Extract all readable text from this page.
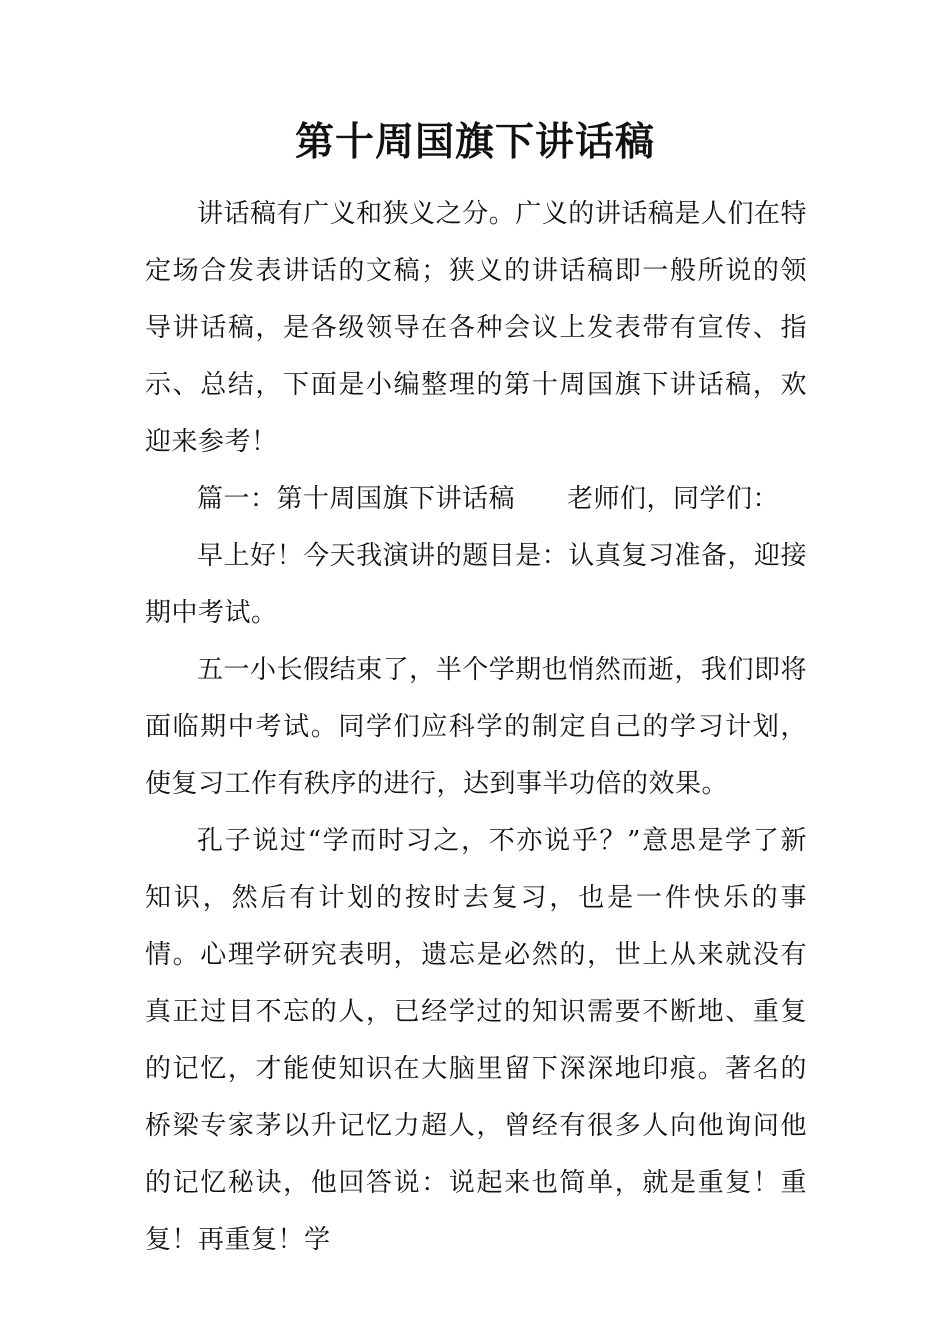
第十周国旗下讲话稿

讲话稿有广义和狭义之分。广义的讲话稿是人们在特定场合发表讲话的文稿；狭义的讲话稿即一般所说的领导讲话稿，是各级领导在各种会议上发表带有宣传、指示、总结，下面是小编整理的第十周国旗下讲话稿，欢迎来参考！

篇一：第十周国旗下讲话稿 老师们，同学们：

早上好！今天我演讲的题目是：认真复习准备，迎接期中考试。

五一小长假结束了，半个学期也悄然而逝，我们即将面临期中考试。同学们应科学的制定自己的学习计划，使复习工作有秩序的进行，达到事半功倍的效果。

孔子说过“学而时习之，不亦说乎？”意思是学了新知识，然后有计划的按时去复习，也是一件快乐的事情。心理学研究表明，遗忘是必然的，世上从来就没有真正过目不忘的人，已经学过的知识需要不断地、重复的记忆，才能使知识在大脑里留下深深地印痕。著名的桥梁专家茅以升记忆力超人，曾经有很多人向他询问他的记忆秘诀，他回答说：说起来也简单，就是重复！重复！再重复！学
